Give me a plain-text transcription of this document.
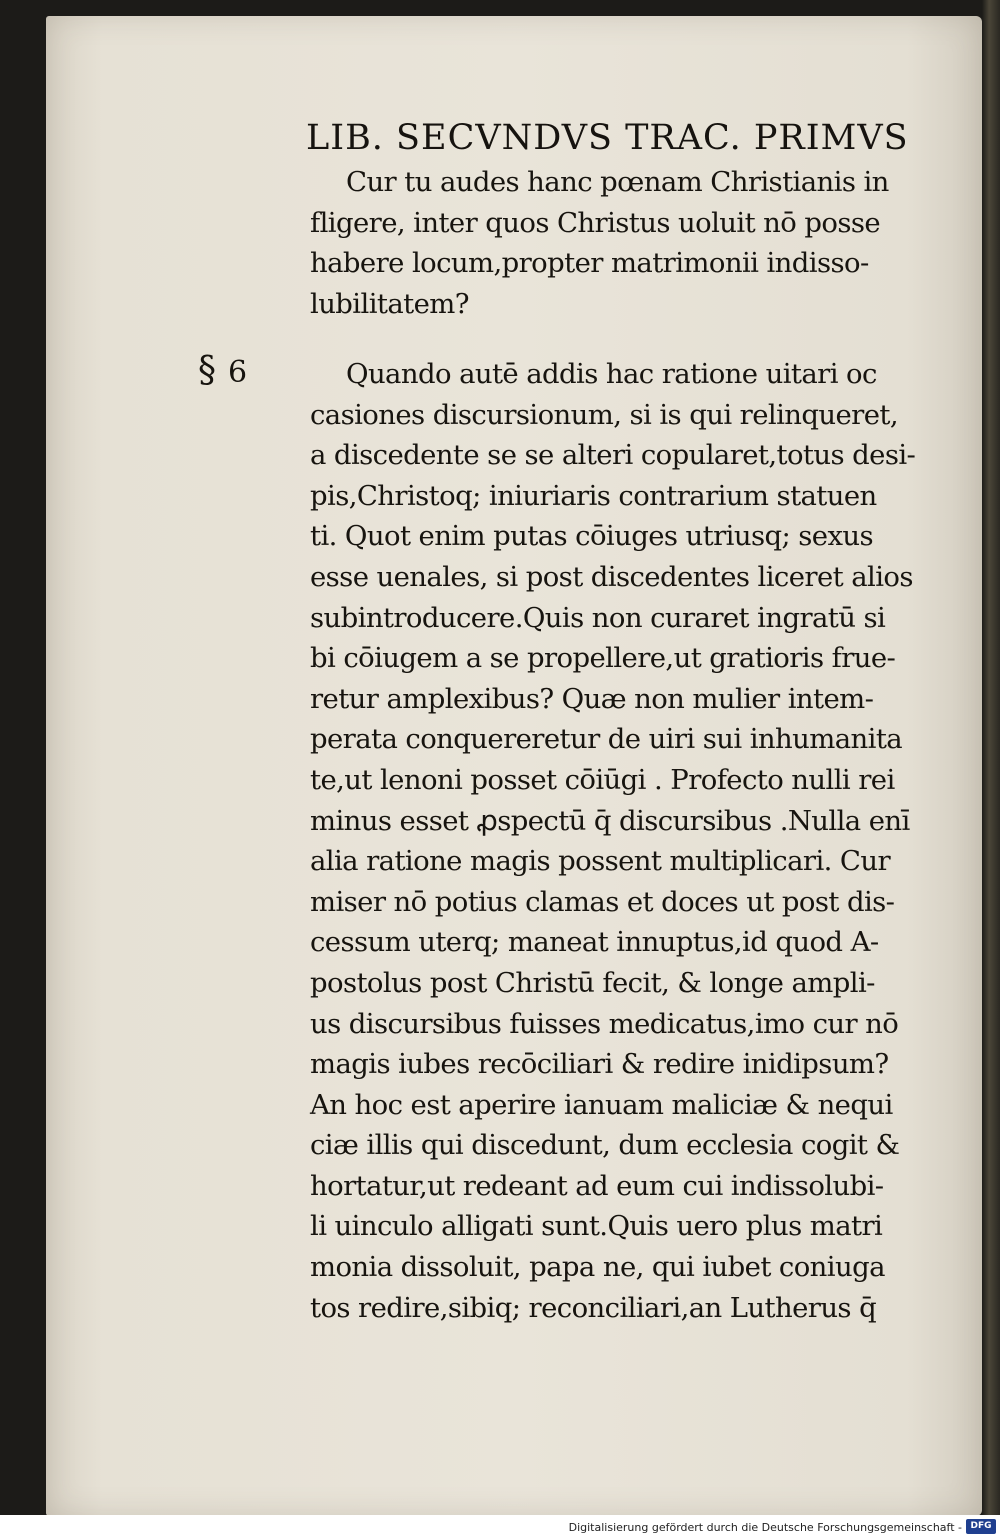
LIB. SECVNDVS TRAC. PRIMVS
§ 6
Cur tu audes hanc pœnam Christianis in
fligere, inter quos Christus uoluit nō posse
habere locum,propter matrimonii indisso-
lubilitatem?
Quando autē addis hac ratione uitari oc
casiones discursionum, si is qui relinqueret,
a discedente se se alteri copularet,totus desi-
pis,Christoq; iniuriaris contrarium statuen
ti. Quot enim putas cōiuges utriusq; sexus
esse uenales, si post discedentes liceret alios
subintroducere.Quis non curaret ingratū si
bi cōiugem a se propellere,ut gratioris frue-
retur amplexibus? Quæ non mulier intem-
perata conquereretur de uiri sui inhumanita
te,ut lenoni posset cōiūgi . Profecto nulli rei
minus esset ꝓspectū q̄ discursibus .Nulla enī
alia ratione magis possent multiplicari. Cur
miser nō potius clamas et doces ut post dis-
cessum uterq; maneat innuptus,id quod A-
postolus post Christū fecit, & longe ampli-
us discursibus fuisses medicatus,imo cur nō
magis iubes recōciliari & redire inidipsum?
An hoc est aperire ianuam maliciæ & nequi
ciæ illis qui discedunt, dum ecclesia cogit &
hortatur,ut redeant ad eum cui indissolubi-
li uinculo alligati sunt.Quis uero plus matri
monia dissoluit, papa ne, qui iubet coniuga
tos redire,sibiq; reconciliari,an Lutherus q̄
Digitalisierung gefördert durch die Deutsche Forschungsgemeinschaft - DFG
